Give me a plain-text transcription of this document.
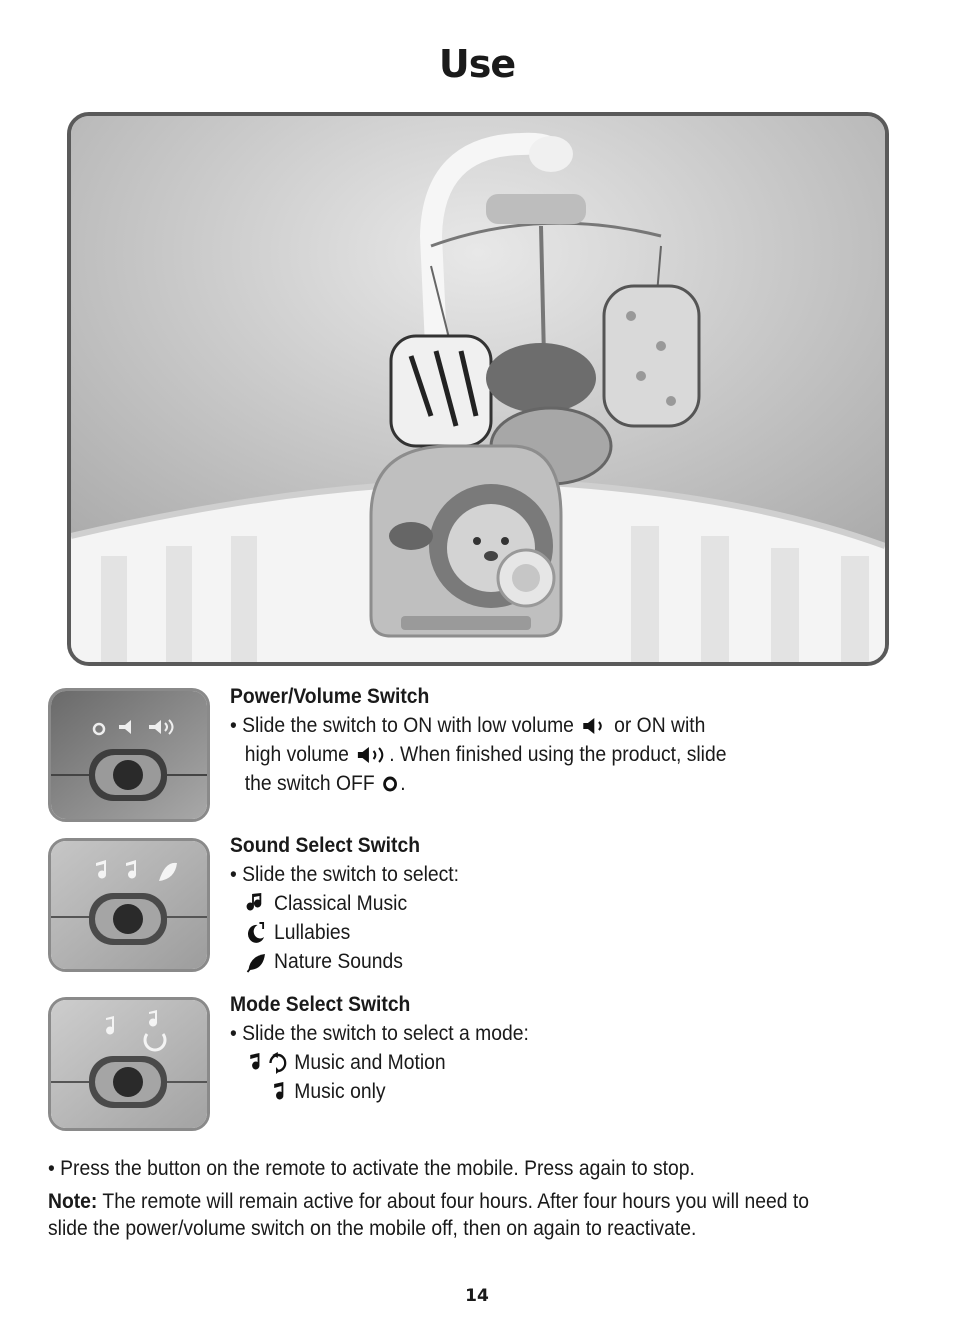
Use
Power/Volume Switch
• Slide the switch to ON with low volume or ON with
high volume . When finished using the product, slide
the switch OFF .
Sound Select Switch
• Slide the switch to select:
Classical Music
Lullabies
Nature Sounds
Mode Select Switch
• Slide the switch to select a mode:
Music and Motion
Music only
• Press the button on the remote to activate the mobile. Press again to stop.
Note: The remote will remain active for about four hours. After four hours you will need to
slide the power/volume switch on the mobile off, then on again to reactivate.
14
